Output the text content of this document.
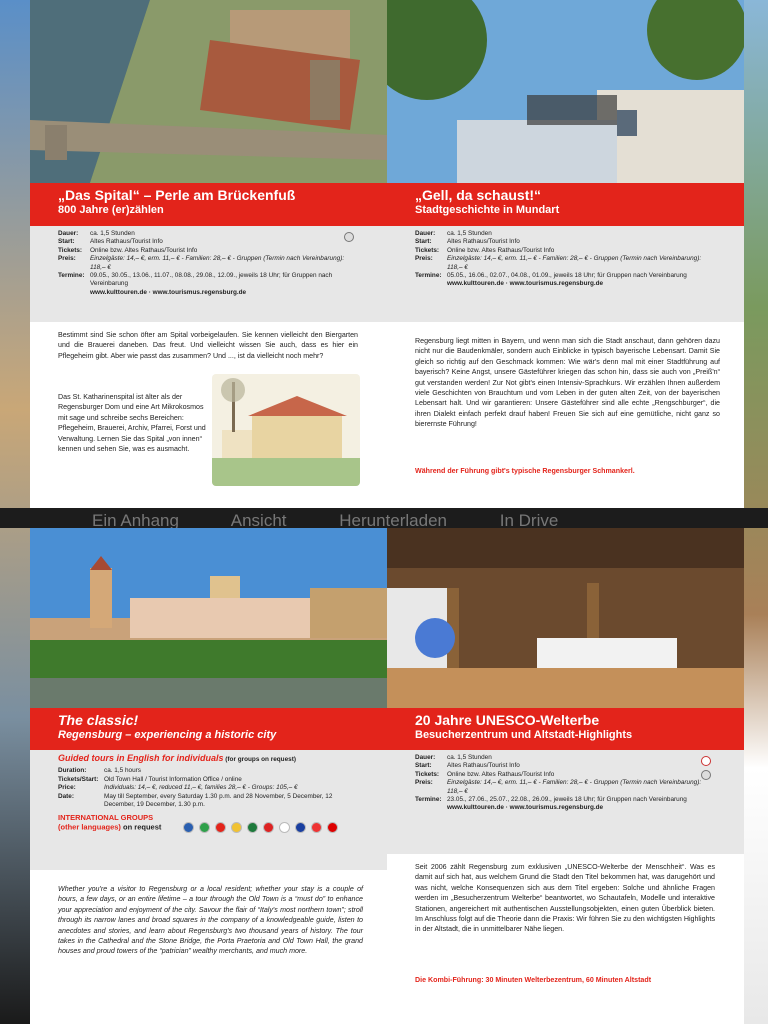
„Das Spital“ – Perle am Brückenfuß
800 Jahre (er)zählen
Dauer:	ca. 1,5 Stunden
Start:	Altes Rathaus/Tourist Info
Tickets:	Online bzw. Altes Rathaus/Tourist Info
Preis:	Einzelgäste: 14,– €, erm. 11,– € - Familien: 28,– € - Gruppen (Termin nach Vereinbarung): 118,– €
Termine: 09.05., 30.05., 13.06., 11.07., 08.08., 29.08., 12.09., jeweils 18 Uhr; für Gruppen nach Vereinbarung
www.kulttouren.de · www.tourismus.regensburg.de
Bestimmt sind Sie schon öfter am Spital vorbeigelaufen. Sie kennen vielleicht den Biergarten und die Brauerei daneben. Das freut. Und vielleicht wissen Sie auch, dass es hier ein Pflegeheim gibt. Aber wie passt das zusammen? Und ..., ist da vielleicht noch mehr?
Das St. Katharinenspital ist älter als der Regensburger Dom und eine Art Mikrokosmos mit sage und schreibe sechs Bereichen: Pflegeheim, Brauerei, Archiv, Pfarrei, Forst und Verwaltung. Lernen Sie das Spital „von innen“ kennen und sehen Sie, was es ausmacht.
„Gell, da schaust!“
Stadtgeschichte in Mundart
Dauer:	ca. 1,5 Stunden
Start:	Altes Rathaus/Tourist Info
Tickets:	Online bzw. Altes Rathaus/Tourist Info
Preis:	Einzelgäste: 14,– €, erm. 11,– € - Familien: 28,– € - Gruppen (Termin nach Vereinbarung): 118,– €
Termine: 05.05., 16.06., 02.07., 04.08., 01.09., jeweils 18 Uhr; für Gruppen nach Vereinbarung
www.kulttouren.de · www.tourismus.regensburg.de
Regensburg liegt mitten in Bayern, und wenn man sich die Stadt anschaut, dann gehören dazu nicht nur die Baudenkmäler, sondern auch Einblicke in typisch bayerische Lebensart. Damit Sie gleich so richtig auf den Geschmack kommen: Wie wär's denn mal mit einer Stadtführung auf bayerisch? Keine Angst, unsere Gästeführer kriegen das schon hin, dass sie auch von „Preiß'n“ gut verstanden werden! Zur Not gibt's einen Intensiv-Sprachkurs. Wir erzählen Ihnen außerdem viele Geschichten von Brauchtum und vom Leben in der guten alten Zeit, von der bayerischen Lebensart halt. Und wir garantieren: Unsere Gästeführer sind alle echte „Rengschburger“, die ihren Dialekt einfach perfekt drauf haben! Freuen Sie sich auf eine gemütliche, nicht ganz so bierernste Führung!
Während der Führung gibt's typische Regensburger Schmankerl.
Ein Anhang	Ansicht	Herunterladen	In Drive
The classic!
Regensburg – experiencing a historic city
Guided tours in English for individuals (for groups on request)
Duration:	ca. 1,5 hours
Tickets/Start: Old Town Hall / Tourist Information Office / online
Price:	Individuals: 14,– €, reduced 11,– €, families 28,– € - Groups: 105,– €
Date:	May till September, every Saturday 1.30 p.m. and 28 November, 5 December, 12 December, 19 December, 1.30 p.m.
INTERNATIONAL GROUPS
(other languages) on request
Whether you're a visitor to Regensburg or a local resident; whether your stay is a couple of hours, a few days, or an entire lifetime – a tour through the Old Town is a “must do” to enhance your appreciation and enjoyment of the city. Savour the flair of “Italy's most northern town”; stroll through its narrow lanes and broad squares in the company of a knowledgeable guide, listen to anecdotes and stories, and learn about Regensburg's two thousand years of history. The tour takes in the Cathedral and the Stone Bridge, the Porta Praetoria and Old Town Hall, the grand houses and proud towers of the “patrician” wealthy merchants, and much more.
20 Jahre UNESCO-Welterbe
Besucherzentrum und Altstadt-Highlights
Dauer:	ca. 1,5 Stunden
Start:	Altes Rathaus/Tourist Info
Tickets:	Online bzw. Altes Rathaus/Tourist Info
Preis:	Einzelgäste: 14,– €, erm. 11,– € - Familien: 28,– € - Gruppen (Termin nach Vereinbarung): 118,– €
Termine: 23.05., 27.06., 25.07., 22.08., 26.09., jeweils 18 Uhr; für Gruppen nach Vereinbarung
www.kulttouren.de · www.tourismus.regensburg.de
Seit 2006 zählt Regensburg zum exklusiven „UNESCO-Welterbe der Menschheit“. Was es damit auf sich hat, aus welchem Grund die Stadt den Titel bekommen hat, was darugehört und was nicht, welche Konsequenzen sich aus dem Titel ergeben: Solche und ähnliche Fragen werden im „Besucherzentrum Welterbe“ beantwortet, wo Schautafeln, Modelle und interaktive Stationen, angereichert mit authentischen Ausstellungsobjekten, einen guten Überblick bieten. Im Anschluss folgt auf die Theorie dann die Praxis: Wir führen Sie zu den wichtigsten Highlights in der Altstadt, die in unmittelbarer Nähe liegen.
Die Kombi-Führung: 30 Minuten Welterbezentrum, 60 Minuten Altstadt
